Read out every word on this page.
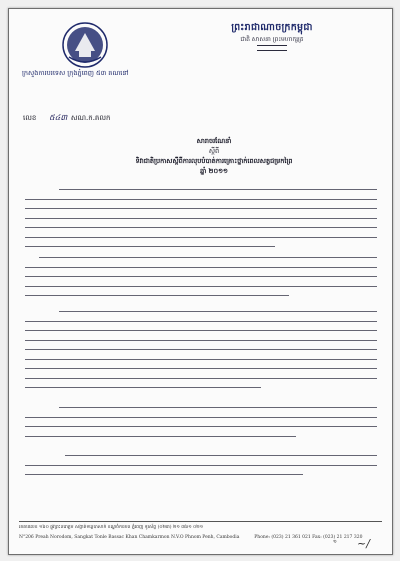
ព្រះរាជាណាចក្រកម្ពុជា
ជាតិ សាសនា ព្រះមហាក្សត្រ
ក្រសួងការបរទេស ក្រុងភ្នំពេញ ៥៣ គណនៅ
លេខ	សណ.ក.គលក
៥៤៣
សារាចរណែនាំ
ស្តីពី
ទិវាជាតិប្រកាសស្តីពីការលុបបំបាត់ការគ្រោះថ្នាក់ពេលសត្វជម្រកព្រៃ
ឆ្នាំ ២០១១
អាគារលេខ ១៦០ ផ្លូវព្រះនរោត្តម សង្កាត់ទន្លេបាសាក់ ខណ្ឌចំការមន ភ្នំពេញ ទូរស័ព្ទ (០២៣) ២១ ៣៦១ ០២១
N°206 Preah Norodom, Sangkat Tonle Bassac Khan Chamkarmon N.V.O Phnom Penh, Cambodia	Phone: (023) 21 361 021 Fax: (023) 21 217 320
១ ~/
